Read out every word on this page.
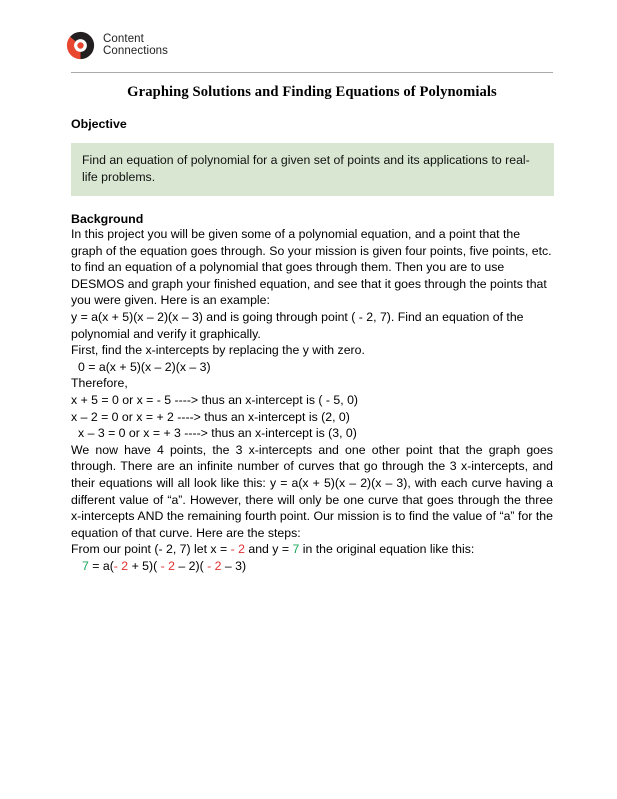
Content
Connections
Graphing Solutions and Finding Equations of Polynomials
Objective
Find an equation of polynomial for a given set of points and its applications to real-life problems.
Background

In this project you will be given some of a polynomial equation, and a point that the graph of the equation goes through. So your mission is given four points, five points, etc. to find an equation of a polynomial that goes through them. Then you are to use DESMOS and graph your finished equation, and see that it goes through the points that you were given. Here is an example:

y = a(x + 5)(x – 2)(x – 3) and is going through point ( - 2, 7). Find an equation of the polynomial and verify it graphically.

First, find the x-intercepts by replacing the y with zero.

0 = a(x + 5)(x – 2)(x – 3)

Therefore,

x + 5 = 0 or x = - 5 ----> thus an x-intercept is ( - 5, 0)

x – 2 = 0 or x = + 2 ----> thus an x-intercept is (2, 0)

x – 3 = 0 or x = + 3 ----> thus an x-intercept is (3, 0)

We now have 4 points, the 3 x-intercepts and one other point that the graph goes through. There are an infinite number of curves that go through the 3 x-intercepts, and their equations will all look like this: y = a(x + 5)(x – 2)(x – 3), with each curve having a different value of “a”. However, there will only be one curve that goes through the three x-intercepts AND the remaining fourth point. Our mission is to find the value of “a” for the equation of that curve. Here are the steps:

From our point (- 2, 7) let x = - 2 and y = 7 in the original equation like this:

7 = a(- 2 + 5)( - 2 – 2)( - 2 – 3)
